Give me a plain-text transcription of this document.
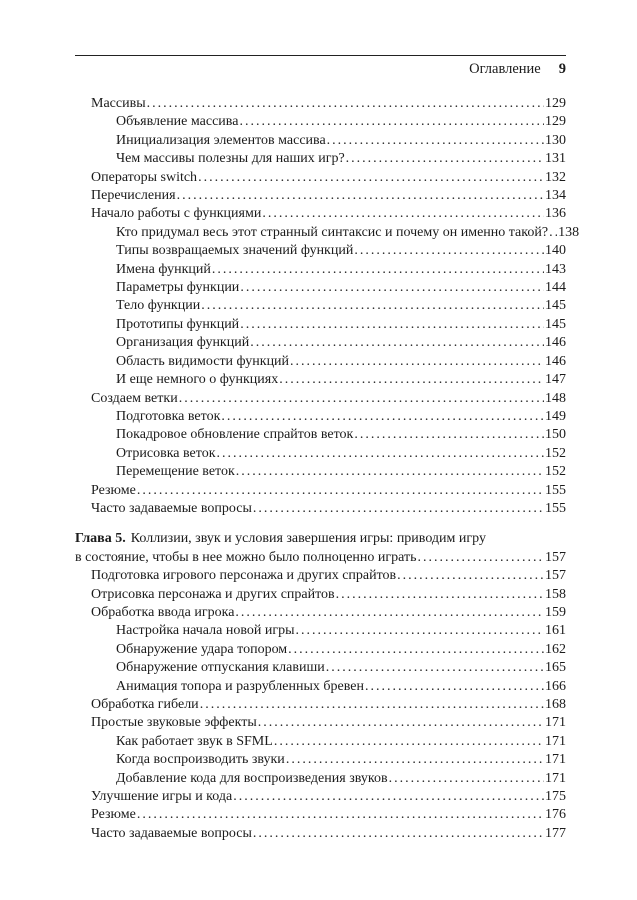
Оглавление 9
Массивы .....	129
Объявление массива .....	129
Инициализация элементов массива .....	130
Чем массивы полезны для наших игр? .....	131
Операторы switch .....	132
Перечисления .....	134
Начало работы с функциями .....	136
Кто придумал весь этот странный синтаксис и почему он именно такой? ..... 138
Типы возвращаемых значений функций .....	140
Имена функций .....	143
Параметры функции .....	144
Тело функции .....	145
Прототипы функций .....	145
Организация функций .....	146
Область видимости функций .....	146
И еще немного о функциях .....	147
Создаем ветки .....	148
Подготовка веток .....	149
Покадровое обновление спрайтов веток .....	150
Отрисовка веток .....	152
Перемещение веток .....	152
Резюме .....	155
Часто задаваемые вопросы .....	155
Глава 5. Коллизии, звук и условия завершения игры: приводим игру
в состояние, чтобы в нее можно было полноценно играть .....	157
Подготовка игрового персонажа и других спрайтов .....	157
Отрисовка персонажа и других спрайтов .....	158
Обработка ввода игрока .....	159
Настройка начала новой игры .....	161
Обнаружение удара топором .....	162
Обнаружение отпускания клавиши .....	165
Анимация топора и разрубленных бревен .....	166
Обработка гибели .....	168
Простые звуковые эффекты .....	171
Как работает звук в SFML .....	171
Когда воспроизводить звуки .....	171
Добавление кода для воспроизведения звуков .....	171
Улучшение игры и кода .....	175
Резюме .....	176
Часто задаваемые вопросы .....	177
